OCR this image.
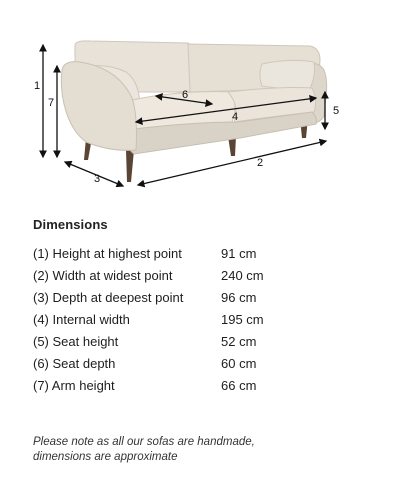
1
7
6
4	5
2
3
Dimensions
(1) Height at highest point	91 cm
(2) Width at widest point	240 cm
(3) Depth at deepest point	96 cm
(4) Internal width	195 cm
(5) Seat height	52 cm
(6) Seat depth	60 cm
(7) Arm height	66 cm
Please note as all our sofas are handmade,
dimensions are approximate
